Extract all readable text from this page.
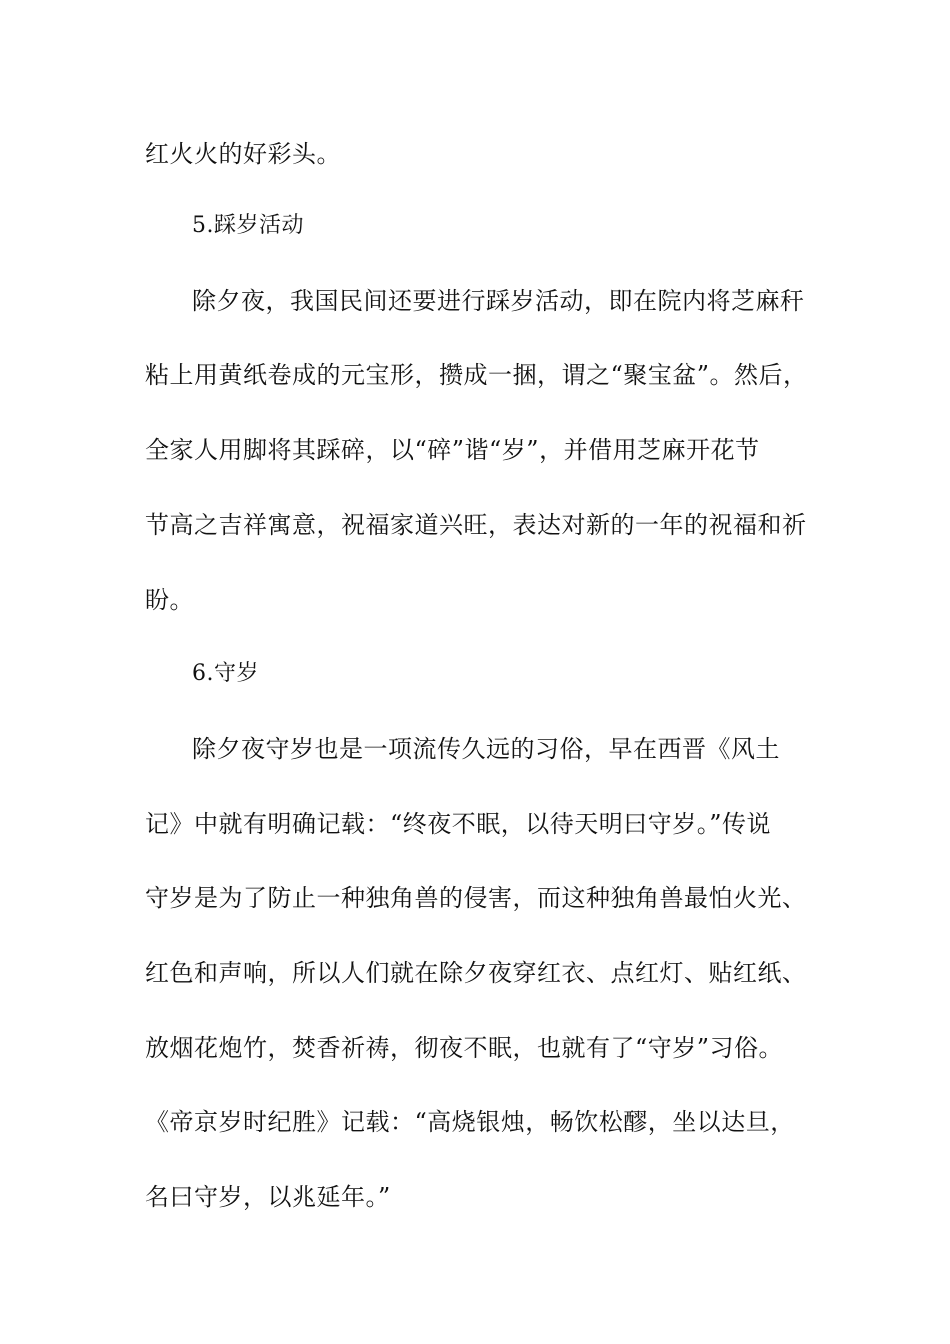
红火火的好彩头。
5.踩岁活动
除夕夜，我国民间还要进行踩岁活动，即在院内将芝麻秆
粘上用黄纸卷成的元宝形，攒成一捆，谓之“聚宝盆”。然后，
全家人用脚将其踩碎，以“碎”谐“岁”，并借用芝麻开花节
节高之吉祥寓意，祝福家道兴旺，表达对新的一年的祝福和祈
盼。
6.守岁
除夕夜守岁也是一项流传久远的习俗，早在西晋《风土
记》中就有明确记载：“终夜不眠，以待天明曰守岁。”传说
守岁是为了防止一种独角兽的侵害，而这种独角兽最怕火光、
红色和声响，所以人们就在除夕夜穿红衣、点红灯、贴红纸、
放烟花炮竹，焚香祈祷，彻夜不眠，也就有了“守岁”习俗。
《帝京岁时纪胜》记载：“高烧银烛，畅饮松醪，坐以达旦，
名曰守岁，以兆延年。”
